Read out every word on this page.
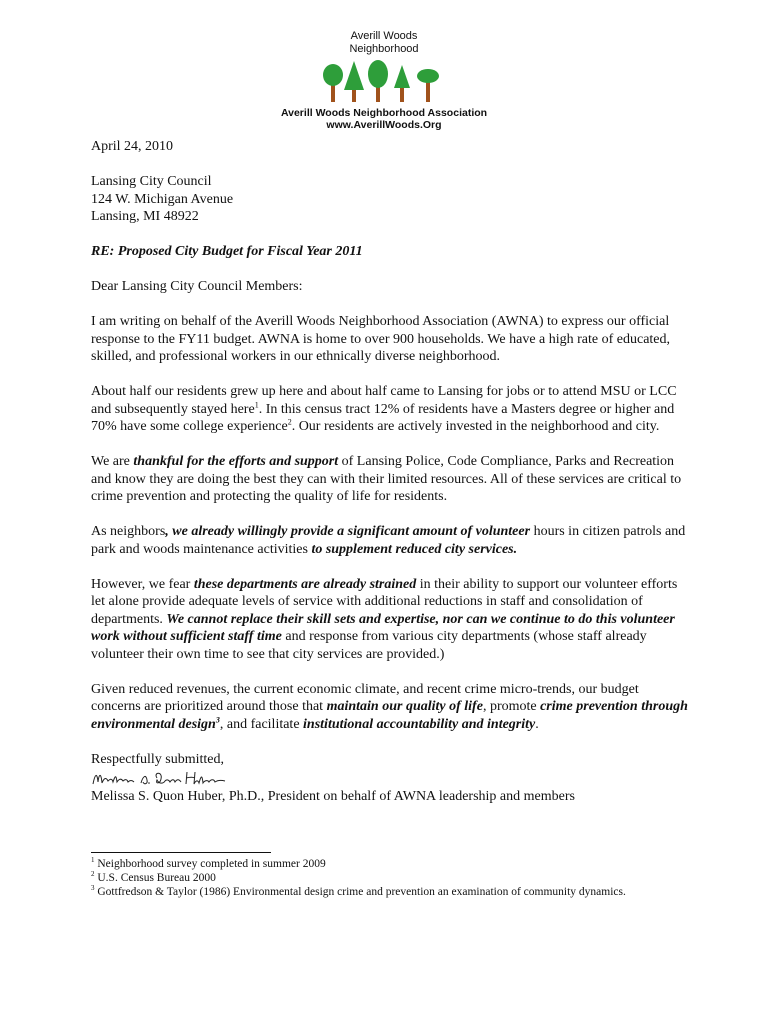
Averill Woods
Neighborhood
Averill Woods Neighborhood Association
www.AverillWoods.Org

April 24, 2010

Lansing City Council

124 W. Michigan Avenue

Lansing, MI 48922

RE: Proposed City Budget for Fiscal Year 2011

Dear Lansing City Council Members:

I am writing on behalf of the Averill Woods Neighborhood Association (AWNA) to express our official response to the FY11 budget. AWNA is home to over 900 households. We have a high rate of educated, skilled, and professional workers in our ethnically diverse neighborhood.

About half our residents grew up here and about half came to Lansing for jobs or to attend MSU or LCC and subsequently stayed here$^1$. In this census tract 12% of residents have a Masters degree or higher and 70% have some college experience$^2$. Our residents are actively invested in the neighborhood and city.

We are thankful for the efforts and support of Lansing Police, Code Compliance, Parks and Recreation and know they are doing the best they can with their limited resources. All of these services are critical to crime prevention and protecting the quality of life for residents.

As neighbors, we already willingly provide a significant amount of volunteer hours in citizen patrols and park and woods maintenance activities to supplement reduced city services.

However, we fear these departments are already strained in their ability to support our volunteer efforts let alone provide adequate levels of service with additional reductions in staff and consolidation of departments. We cannot replace their skill sets and expertise, nor can we continue to do this volunteer work without sufficient staff time and response from various city departments (whose staff already volunteer their own time to see that city services are provided.)

Given reduced revenues, the current economic climate, and recent crime micro-trends, our budget concerns are prioritized around those that maintain our quality of life, promote crime prevention through environmental design$^3$, and facilitate institutional accountability and integrity.

Respectfully submitted,

Melissa S. Quon Huber, Ph.D., President on behalf of AWNA leadership and members

$^1$ Neighborhood survey completed in summer 2009

$^2$ U.S. Census Bureau 2000

$^3$ Gottfredson & Taylor (1986) Environmental design crime and prevention an examination of community dynamics.
